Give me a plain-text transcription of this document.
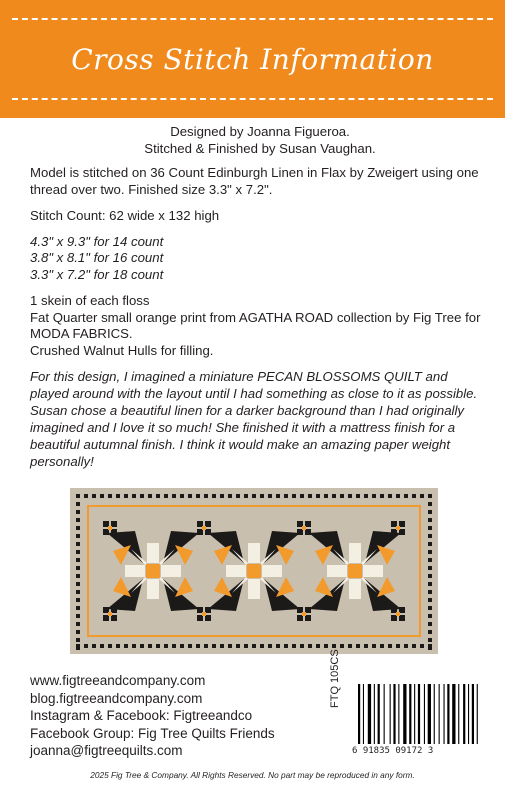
Cross Stitch Information

Designed by Joanna Figueroa.

Stitched & Finished by Susan Vaughan.

Model is stitched on 36 Count Edinburgh Linen in Flax by Zweigert using one thread over two. Finished size 3.3" x 7.2".

Stitch Count: 62 wide x 132 high

4.3" x 9.3" for 14 count
3.8" x 8.1" for 16 count
3.3" x 7.2" for 18 count
1 skein of each floss
Fat Quarter small orange print from AGATHA ROAD collection by Fig Tree for MODA FABRICS.
Crushed Walnut Hulls for filling.

For this design, I imagined a miniature PECAN BLOSSOMS QUILT and played around with the layout until I had something as close to it as possible. Susan chose a beautiful linen for a darker background than I had originally imagined and I love it so much! She finished it with a mattress finish for a beautiful autumnal finish. I think it would make an amazing paper weight personally!

www.figtreeandcompany.com
blog.figtreeandcompany.com
Instagram & Facebook: Figtreeandco
Facebook Group: Fig Tree Quilts Friends
joanna@figtreequilts.com
FTQ 105CS
6 91835 09172 3
2025 Fig Tree & Company. All Rights Reserved. No part may be reproduced in any form.
